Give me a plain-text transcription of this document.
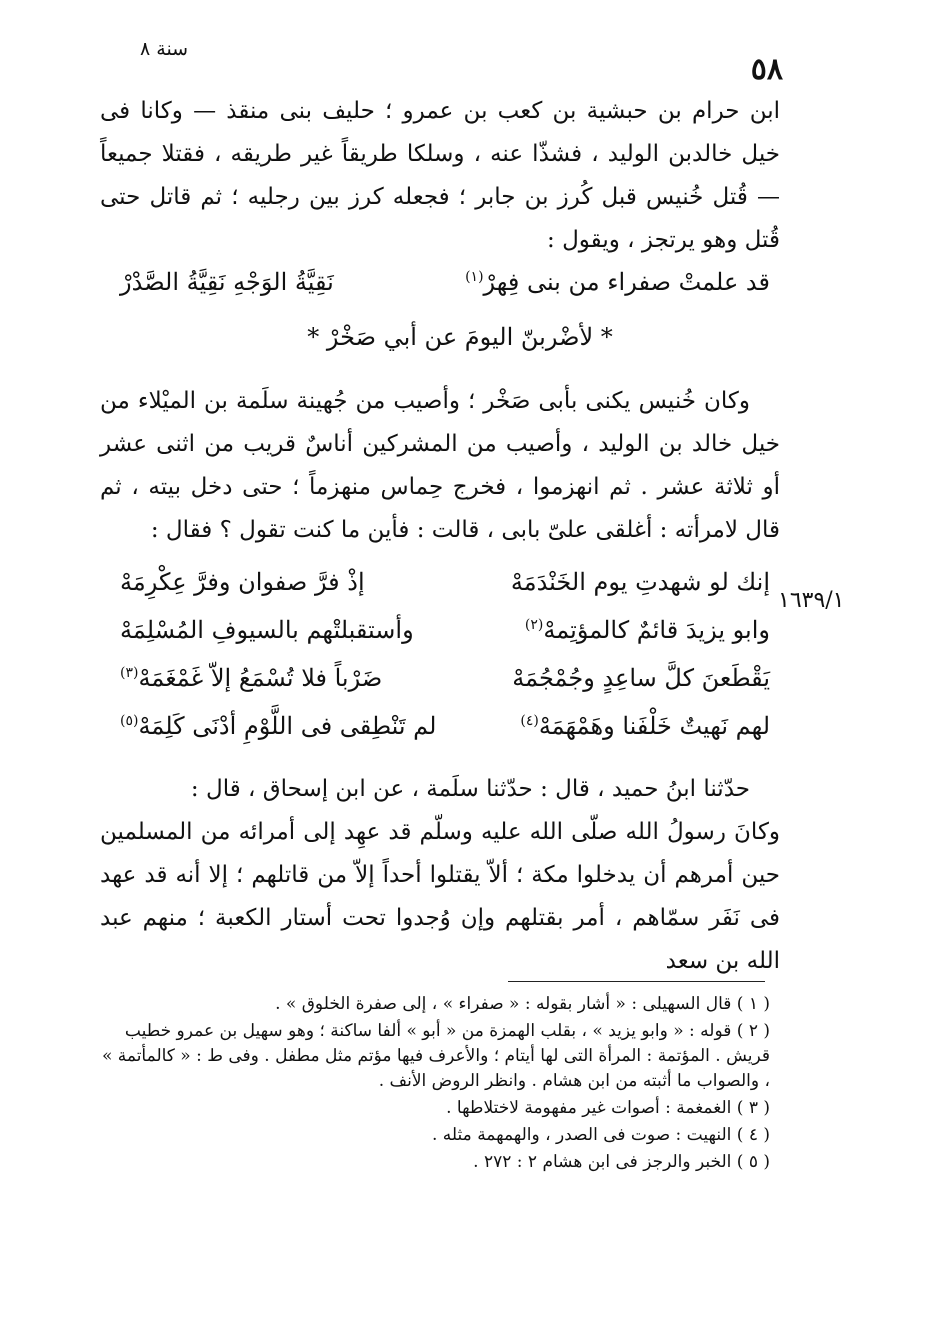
٥٨
سنة ٨

ابن حرام بن حبشية بن كعب بن عمرو ؛ حليف بنى منقذ — وكانا فى خيل خالدبن الوليد ، فشذّا عنه ، وسلكا طريقاً غير طريقه ، فقتلا جميعاً — قُتل خُنيس قبل كُرز بن جابر ؛ فجعله كرز بين رجليه ؛ ثم قاتل حتى قُتل وهو يرتجز ، ويقول :

قد علمتْ صفراء من بنى فِهرْ$^{(١)}$
نَقِيَّةُ الوَجْهِ نَقِيَّةُ الصَّدْرْ
* لأضْربنّ اليومَ عن أبي صَخْرْ *

وكان خُنيس يكنى بأبى صَخْر ؛ وأصيب من جُهينة سلَمة بن الميْلاء من خيل خالد بن الوليد ، وأصيب من المشركين أناسٌ قريب من اثنى عشر أو ثلاثة عشر . ثم انهزموا ، فخرج حِماس منهزماً ؛ حتى دخل بيته ، ثم قال لامرأته : أغلقى علىّ بابى ، قالت : فأين ما كنت تقول ؟ فقال :

١٦٣٩/١
إنك لو شهدتِ يوم الخَنْدَمَهْ
إذْ فرَّ صفوان وفرَّ عِكْرِمَهْ
وابو يزيدَ قائمٌ كالمؤتِمهْ$^{(٢)}$
وأستقبلتْهم بالسيوفِ المُسْلِمَهْ
يَقْطَعنَ كلَّ ساعِدٍ وجُمْجُمَهْ
ضَرْباً فلا تُسْمَعُ إلاّ غَمْغَمَهْ$^{(٣)}$
لهم نَهيتٌ خَلْفَنا وهَمْهَمَهْ$^{(٤)}$
لم تَنْطِقى فى اللَّوْمِ أدْنَى كَلِمَهْ$^{(٥)}$

حدّثنا ابنُ حميد ، قال : حدّثنا سلَمة ، عن ابن إسحاق ، قال :

وكانَ رسولُ الله صلّى الله عليه وسلّم قد عهِد إلى أمرائه من المسلمين حين أمرهم أن يدخلوا مكة ؛ ألاّ يقتلوا أحداً إلاّ من قاتلهم ؛ إلا أنه قد عهد فى نَفَر سمّاهم ، أمر بقتلهم وإن وُجدوا تحت أستار الكعبة ؛ منهم عبد الله بن سعد

( ١ ) قال السهيلى : « أشار بقوله : « صفراء » ، إلى صفرة الخلوق » .

( ٢ ) قوله : « وابو يزيد » ، بقلب الهمزة من « أبو » ألفا ساكنة ؛ وهو سهيل بن عمرو خطيب قريش . المؤتمة : المرأة التى لها أيتام ؛ والأعرف فيها مؤتم مثل مطفل . وفى ط : « كالمأتمة » ، والصواب ما أثبته من ابن هشام . وانظر الروض الأنف .

( ٣ ) الغمغمة : أصوات غير مفهومة لاختلاطها .

( ٤ ) النهيت : صوت فى الصدر ، والهمهمة مثله .

( ٥ ) الخبر والرجز فى ابن هشام ٢ : ٢٧٢ .
